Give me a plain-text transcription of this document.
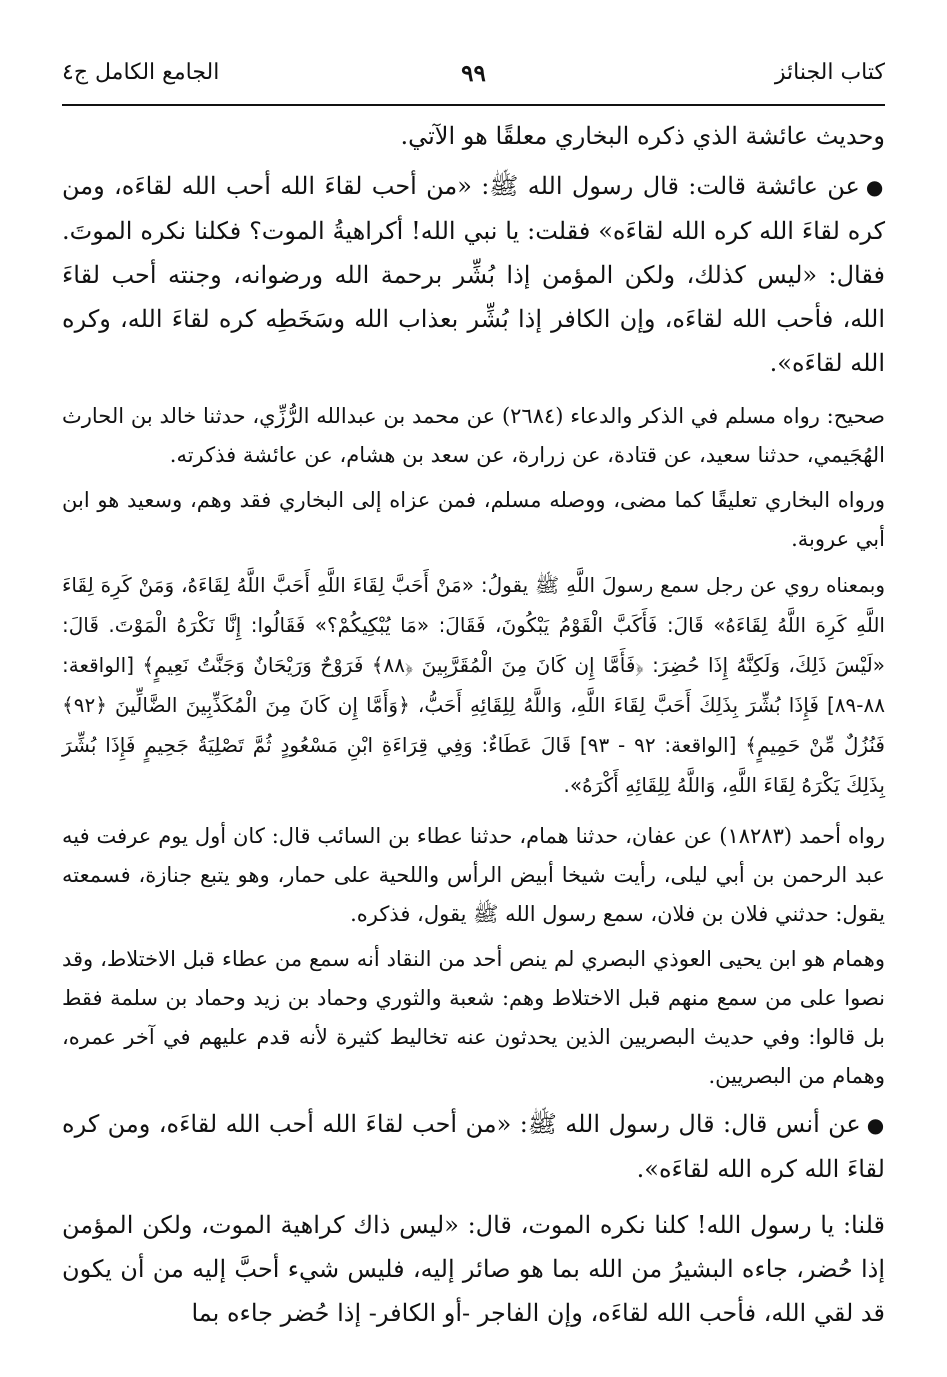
كتاب الجنائز
٩٩
الجامع الكامل ج٤

وحديث عائشة الذي ذكره البخاري معلقًا هو الآتي.

●عن عائشة قالت: قال رسول الله ﷺ: «من أحب لقاءَ الله أحب الله لقاءَه، ومن كره لقاءَ الله كره الله لقاءَه» فقلت: يا نبي الله! أكراهيةُ الموت؟ فكلنا نكره الموتَ. فقال: «ليس كذلك، ولكن المؤمن إذا بُشِّر برحمة الله ورضوانه، وجنته أحب لقاءَ الله، فأحب الله لقاءَه، وإن الكافر إذا بُشِّر بعذاب الله وسَخَطِه كره لقاءَ الله، وكره الله لقاءَه».

صحيح: رواه مسلم في الذكر والدعاء (٢٦٨٤) عن محمد بن عبدالله الرُّزِّي، حدثنا خالد بن الحارث الهُجَيمي، حدثنا سعيد، عن قتادة، عن زرارة، عن سعد بن هشام، عن عائشة فذكرته.

ورواه البخاري تعليقًا كما مضى، ووصله مسلم، فمن عزاه إلى البخاري فقد وهم، وسعيد هو ابن أبي عروبة.

وبمعناه روي عن رجل سمع رسولَ اللَّهِ ﷺ يقولُ: «مَنْ أَحَبَّ لِقَاءَ اللَّهِ أَحَبَّ اللَّهُ لِقَاءَهُ، وَمَنْ كَرِهَ لِقَاءَ اللَّهِ كَرِهَ اللَّهُ لِقَاءَهُ» قَالَ: فَأَكَبَّ الْقَوْمُ يَبْكُونَ، فَقَالَ: «مَا يُبْكِيكُمْ؟» فَقَالُوا: إِنَّا نَكْرَهُ الْمَوْتَ. قَالَ: «لَيْسَ ذَلِكَ، وَلَكِنَّهُ إِذَا حُضِرَ: ﴿فَأَمَّا إِن كَانَ مِنَ الْمُقَرَّبِينَ ﴿٨٨﴾ فَرَوْحٌ وَرَيْحَانٌ وَجَنَّتُ نَعِيمٍ﴾ [الواقعة: ٨٨-٨٩] فَإِذَا بُشِّرَ بِذَلِكَ أَحَبَّ لِقَاءَ اللَّهِ، وَاللَّهُ لِلِقَائِهِ أَحَبُّ، ﴿وَأَمَّا إِن كَانَ مِنَ الْمُكَذِّبِينَ الضَّالِّينَ ﴿٩٢﴾ فَنُزُلٌ مِّنْ حَمِيمٍ﴾ [الواقعة: ٩٢ - ٩٣] قَالَ عَطَاءٌ: وَفِي قِرَاءَةِ ابْنِ مَسْعُودٍ ثُمَّ تَصْلِيَةُ جَحِيمٍ فَإِذَا بُشِّرَ بِذَلِكَ يَكْرَهُ لِقَاءَ اللَّهِ، وَاللَّهُ لِلِقَائِهِ أَكْرَهُ».

رواه أحمد (١٨٢٨٣) عن عفان، حدثنا همام، حدثنا عطاء بن السائب قال: كان أول يوم عرفت فيه عبد الرحمن بن أبي ليلى، رأيت شيخا أبيض الرأس واللحية على حمار، وهو يتبع جنازة، فسمعته يقول: حدثني فلان بن فلان، سمع رسول الله ﷺ يقول، فذكره.

وهمام هو ابن يحيى العوذي البصري لم ينص أحد من النقاد أنه سمع من عطاء قبل الاختلاط، وقد نصوا على من سمع منهم قبل الاختلاط وهم: شعبة والثوري وحماد بن زيد وحماد بن سلمة فقط بل قالوا: وفي حديث البصريين الذين يحدثون عنه تخاليط كثيرة لأنه قدم عليهم في آخر عمره، وهمام من البصريين.

●عن أنس قال: قال رسول الله ﷺ: «من أحب لقاءَ الله أحب الله لقاءَه، ومن كره لقاءَ الله كره الله لقاءَه».

قلنا: يا رسول الله! كلنا نكره الموت، قال: «ليس ذاك كراهية الموت، ولكن المؤمن إذا حُضر، جاءه البشيرُ من الله بما هو صائر إليه، فليس شيء أحبَّ إليه من أن يكون قد لقي الله، فأحب الله لقاءَه، وإن الفاجر -أو الكافر- إذا حُضر جاءه بما
